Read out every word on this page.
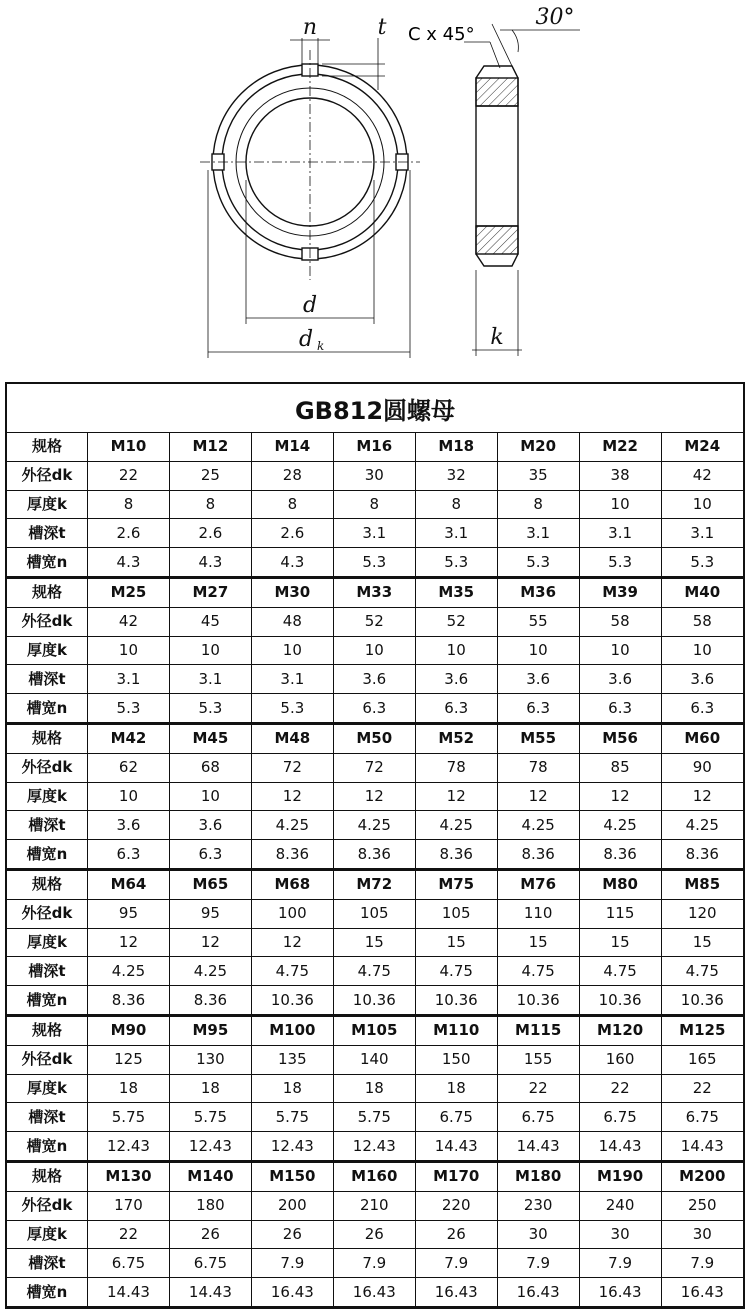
n	t C x 45°
30°
d
d k	k
GB812圆螺母
规格	M10	M12	M14	M16	M18	M20	M22	M24
外径dk	22	25	28	30	32	35	38	42
厚度k	8	8	8	8	8	8	10	10
槽深t	2.6	2.6	2.6	3.1	3.1	3.1	3.1	3.1
槽宽n	4.3	4.3	4.3	5.3	5.3	5.3	5.3	5.3
规格	M25	M27	M30	M33	M35	M36	M39	M40
外径dk	42	45	48	52	52	55	58	58
厚度k	10	10	10	10	10	10	10	10
槽深t	3.1	3.1	3.1	3.6	3.6	3.6	3.6	3.6
槽宽n	5.3	5.3	5.3	6.3	6.3	6.3	6.3	6.3
规格	M42	M45	M48	M50	M52	M55	M56	M60
外径dk	62	68	72	72	78	78	85	90
厚度k	10	10	12	12	12	12	12	12
槽深t	3.6	3.6	4.25	4.25	4.25	4.25	4.25	4.25
槽宽n	6.3	6.3	8.36	8.36	8.36	8.36	8.36	8.36
规格	M64	M65	M68	M72	M75	M76	M80	M85
外径dk	95	95	100	105	105	110	115	120
厚度k	12	12	12	15	15	15	15	15
槽深t	4.25	4.25	4.75	4.75	4.75	4.75	4.75	4.75
槽宽n	8.36	8.36	10.36	10.36	10.36	10.36	10.36	10.36
规格	M90	M95	M100	M105	M110	M115	M120	M125
外径dk	125	130	135	140	150	155	160	165
厚度k	18	18	18	18	18	22	22	22
槽深t	5.75	5.75	5.75	5.75	6.75	6.75	6.75	6.75
槽宽n	12.43	12.43	12.43	12.43	14.43	14.43	14.43	14.43
规格	M130	M140	M150	M160	M170	M180	M190	M200
外径dk	170	180	200	210	220	230	240	250
厚度k	22	26	26	26	26	30	30	30
槽深t	6.75	6.75	7.9	7.9	7.9	7.9	7.9	7.9
槽宽n	14.43	14.43	16.43	16.43	16.43	16.43	16.43	16.43
